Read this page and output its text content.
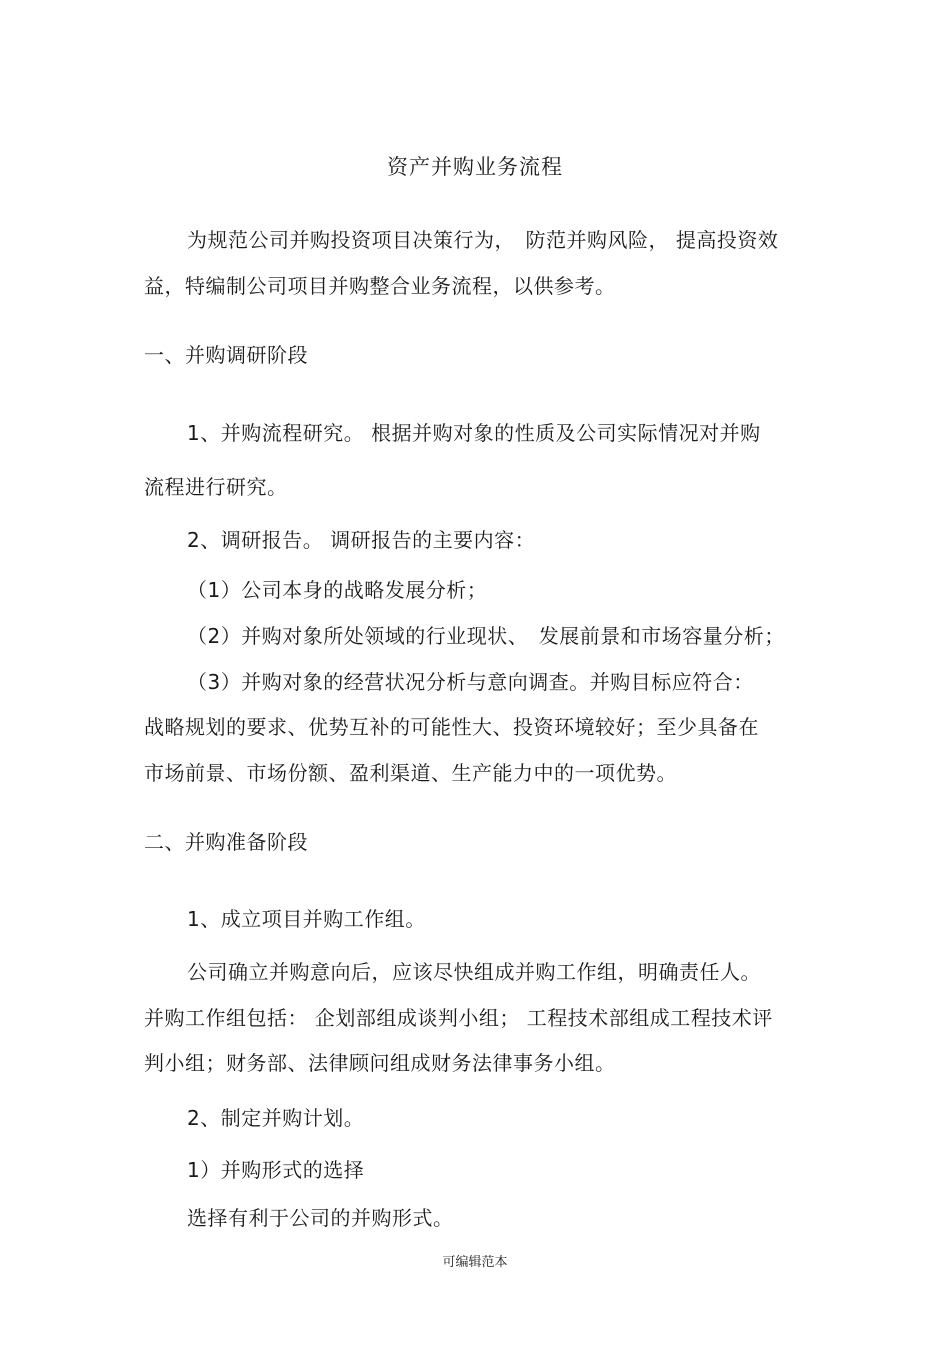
资产并购业务流程
为规范公司并购投资项目决策行为，　防范并购风险， 提高投资效
益，特编制公司项目并购整合业务流程，以供参考。
一、并购调研阶段
1、并购流程研究。 根据并购对象的性质及公司实际情况对并购
流程进行研究。
2、调研报告。 调研报告的主要内容：
（1）公司本身的战略发展分析；
（2）并购对象所处领域的行业现状、　发展前景和市场容量分析；
（3）并购对象的经营状况分析与意向调查。并购目标应符合：
战略规划的要求、优势互补的可能性大、投资环境较好；至少具备在
市场前景、市场份额、盈利渠道、生产能力中的一项优势。
二、并购准备阶段
1、成立项目并购工作组。
公司确立并购意向后，应该尽快组成并购工作组，明确责任人。
并购工作组包括： 企划部组成谈判小组； 工程技术部组成工程技术评
判小组；财务部、法律顾问组成财务法律事务小组。
2、制定并购计划。
1）并购形式的选择
选择有利于公司的并购形式。
可编辑范本
